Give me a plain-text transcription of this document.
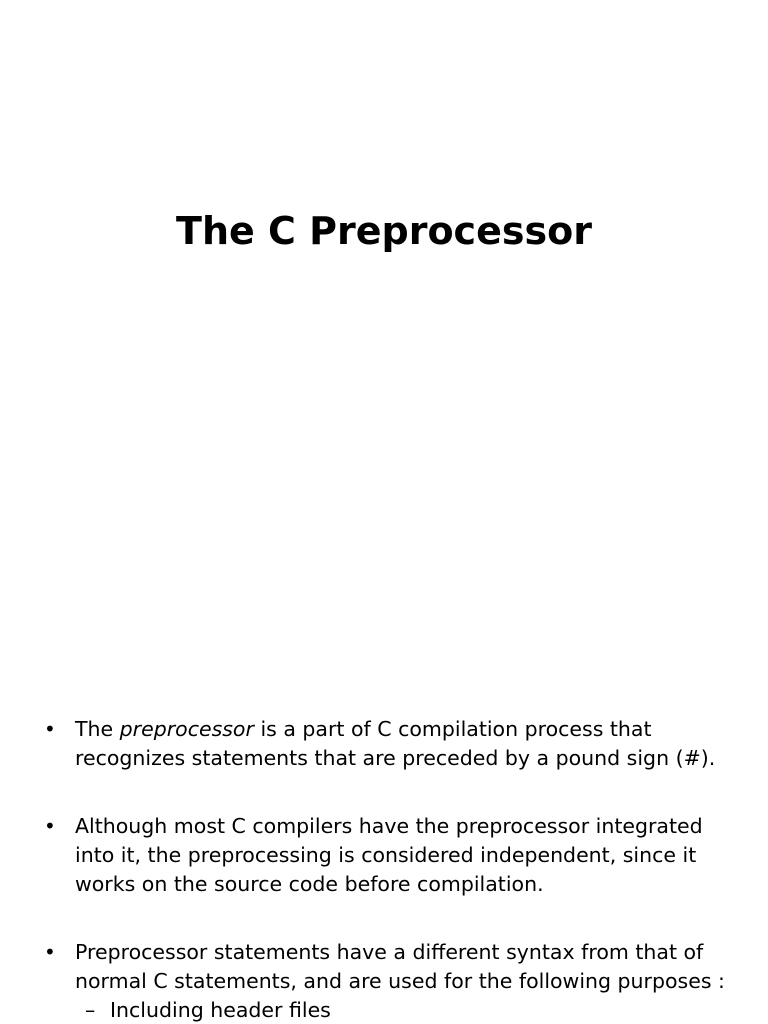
The C Preprocessor
• The preprocessor is a part of C compilation process that recognizes statements that are preceded by a pound sign (#).
• Although most C compilers have the preprocessor integrated into it, the preprocessing is considered independent, since it works on the source code before compilation.
• Preprocessor statements have a different syntax from that of normal C statements, and are used for the following purposes :
– Including header files
